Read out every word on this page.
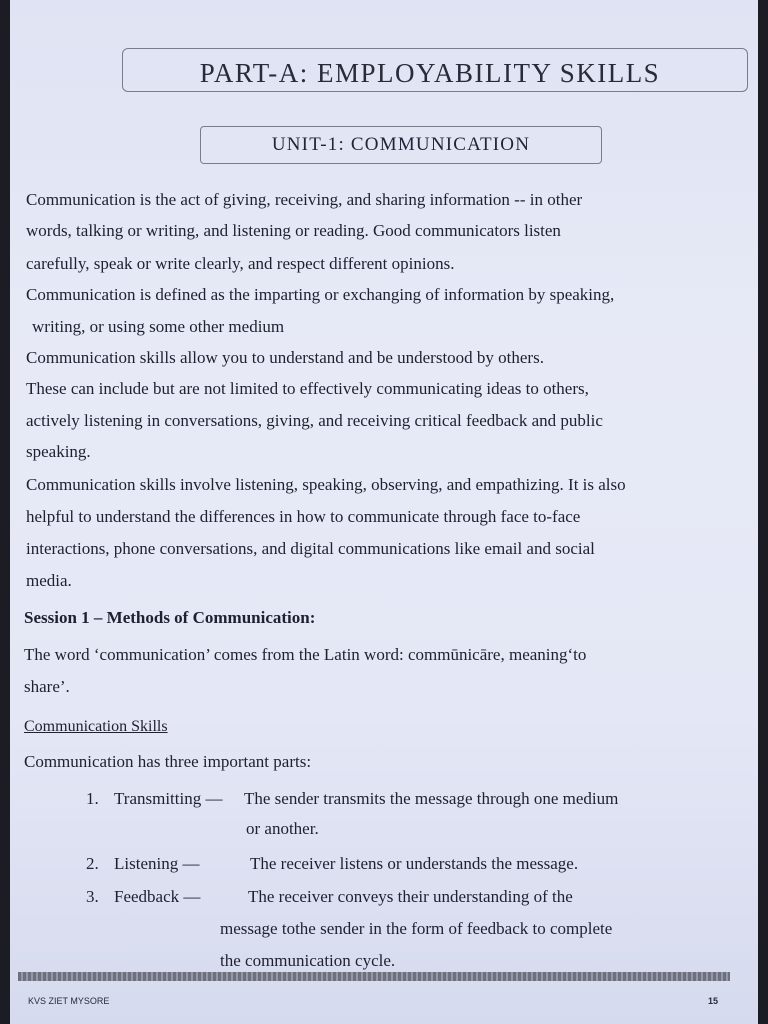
PART-A: EMPLOYABILITY SKILLS
UNIT-1: COMMUNICATION
Communication is the act of giving, receiving, and sharing information -- in other
words, talking or writing, and listening or reading. Good communicators listen
carefully, speak or write clearly, and respect different opinions.
Communication is defined as the imparting or exchanging of information by speaking,
writing, or using some other medium
Communication skills allow you to understand and be understood by others.
These can include but are not limited to effectively communicating ideas to others,
actively listening in conversations, giving, and receiving critical feedback and public
speaking.
Communication skills involve listening, speaking, observing, and empathizing. It is also
helpful to understand the differences in how to communicate through face to-face
interactions, phone conversations, and digital communications like email and social
media.
Session 1 – Methods of Communication:
The word ‘communication’ comes from the Latin word: commūnicāre, meaning‘to
share’.
Communication Skills
Communication has three important parts:
1. Transmitting — The sender transmits the message through one medium
or another.
2. Listening —	The receiver listens or understands the message.
3. Feedback —	The receiver conveys their understanding of the
message tothe sender in the form of feedback to complete
the communication cycle.
KVS ZIET MYSORE	15
